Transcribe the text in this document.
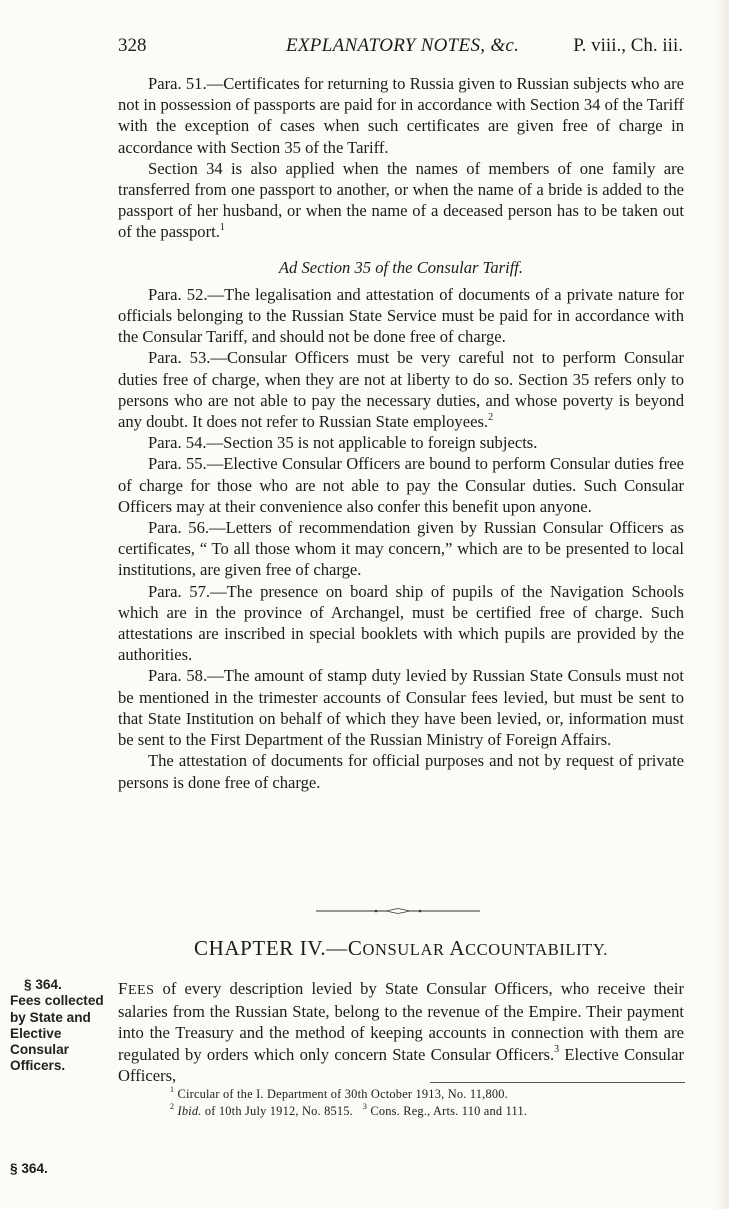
328	EXPLANATORY NOTES, &c.	P. viii., Ch. iii.

Para. 51.—Certificates for returning to Russia given to Russian subjects who are not in possession of passports are paid for in accordance with Section 34 of the Tariff with the exception of cases when such certificates are given free of charge in accordance with Section 35 of the Tariff.

Section 34 is also applied when the names of members of one family are transferred from one passport to another, or when the name of a bride is added to the passport of her husband, or when the name of a deceased person has to be taken out of the passport.$^1$

Ad Section 35 of the Consular Tariff.

Para. 52.—The legalisation and attestation of documents of a private nature for officials belonging to the Russian State Service must be paid for in accordance with the Consular Tariff, and should not be done free of charge.

Para. 53.—Consular Officers must be very careful not to perform Consular duties free of charge, when they are not at liberty to do so. Section 35 refers only to persons who are not able to pay the necessary duties, and whose poverty is beyond any doubt. It does not refer to Russian State employees.$^2$

Para. 54.—Section 35 is not applicable to foreign subjects.

Para. 55.—Elective Consular Officers are bound to perform Consular duties free of charge for those who are not able to pay the Consular duties. Such Consular Officers may at their convenience also confer this benefit upon anyone.

Para. 56.—Letters of recommendation given by Russian Consular Officers as certificates, “ To all those whom it may concern,” which are to be presented to local institutions, are given free of charge.

Para. 57.—The presence on board ship of pupils of the Navigation Schools which are in the province of Archangel, must be certified free of charge. Such attestations are inscribed in special booklets with which pupils are provided by the authorities.

Para. 58.—The amount of stamp duty levied by Russian State Consuls must not be mentioned in the trimester accounts of Consular fees levied, but must be sent to that State Institution on behalf of which they have been levied, or, information must be sent to the First Department of the Russian Ministry of Foreign Affairs.

The attestation of documents for official purposes and not by request of private persons is done free of charge.

CHAPTER IV.—CONSULAR ACCOUNTABILITY.
§ 364.
Fees collected by State and Elective Consular Officers.

FEES of every description levied by State Consular Officers, who receive their salaries from the Russian State, belong to the revenue of the Empire. Their payment into the Treasury and the method of keeping accounts in connection with them are regulated by orders which only concern State Consular Officers.$^3$ Elective Consular Officers,

$^1$ Circular of the I. Department of 30th October 1913, No. 11,800.
$^2$ Ibid. of 10th July 1912, No. 8515. $^3$ Cons. Reg., Arts. 110 and 111.
§ 364.
